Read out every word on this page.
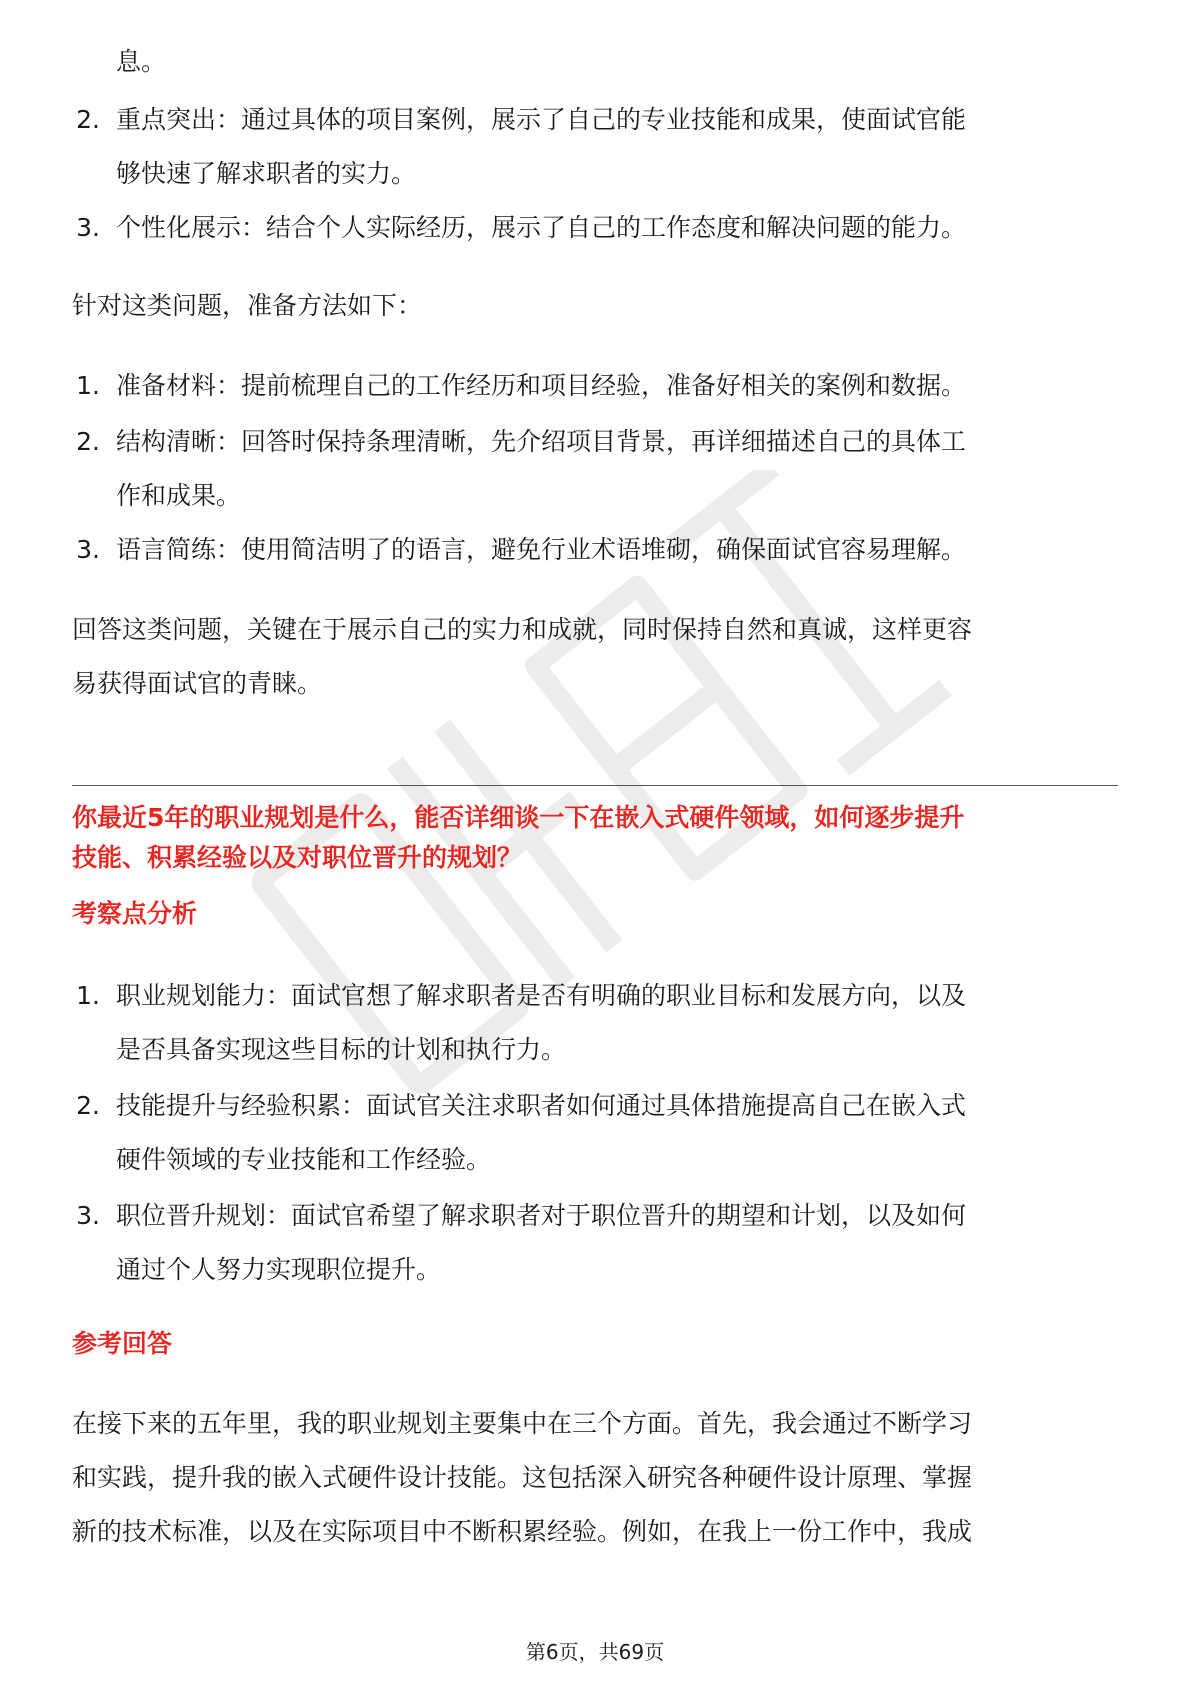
息。
2. 重点突出：通过具体的项目案例，展示了自己的专业技能和成果，使面试官能
够快速了解求职者的实力。
3. 个性化展示：结合个人实际经历，展示了自己的工作态度和解决问题的能力。
针对这类问题，准备方法如下：
1. 准备材料：提前梳理自己的工作经历和项目经验，准备好相关的案例和数据。
2. 结构清晰：回答时保持条理清晰，先介绍项目背景，再详细描述自己的具体工
作和成果。
3. 语言简练：使用简洁明了的语言，避免行业术语堆砌，确保面试官容易理解。
回答这类问题，关键在于展示自己的实力和成就，同时保持自然和真诚，这样更容
易获得面试官的青睐。
你最近5年的职业规划是什么，能否详细谈一下在嵌入式硬件领域，如何逐步提升
技能、积累经验以及对职位晋升的规划？
考察点分析
1. 职业规划能力：面试官想了解求职者是否有明确的职业目标和发展方向，以及
是否具备实现这些目标的计划和执行力。
2. 技能提升与经验积累：面试官关注求职者如何通过具体措施提高自己在嵌入式
硬件领域的专业技能和工作经验。
3. 职位晋升规划：面试官希望了解求职者对于职位晋升的期望和计划，以及如何
通过个人努力实现职位提升。
参考回答
在接下来的五年里，我的职业规划主要集中在三个方面。首先，我会通过不断学习
和实践，提升我的嵌入式硬件设计技能。这包括深入研究各种硬件设计原理、掌握
新的技术标准，以及在实际项目中不断积累经验。例如，在我上一份工作中，我成
第6页，共69页
